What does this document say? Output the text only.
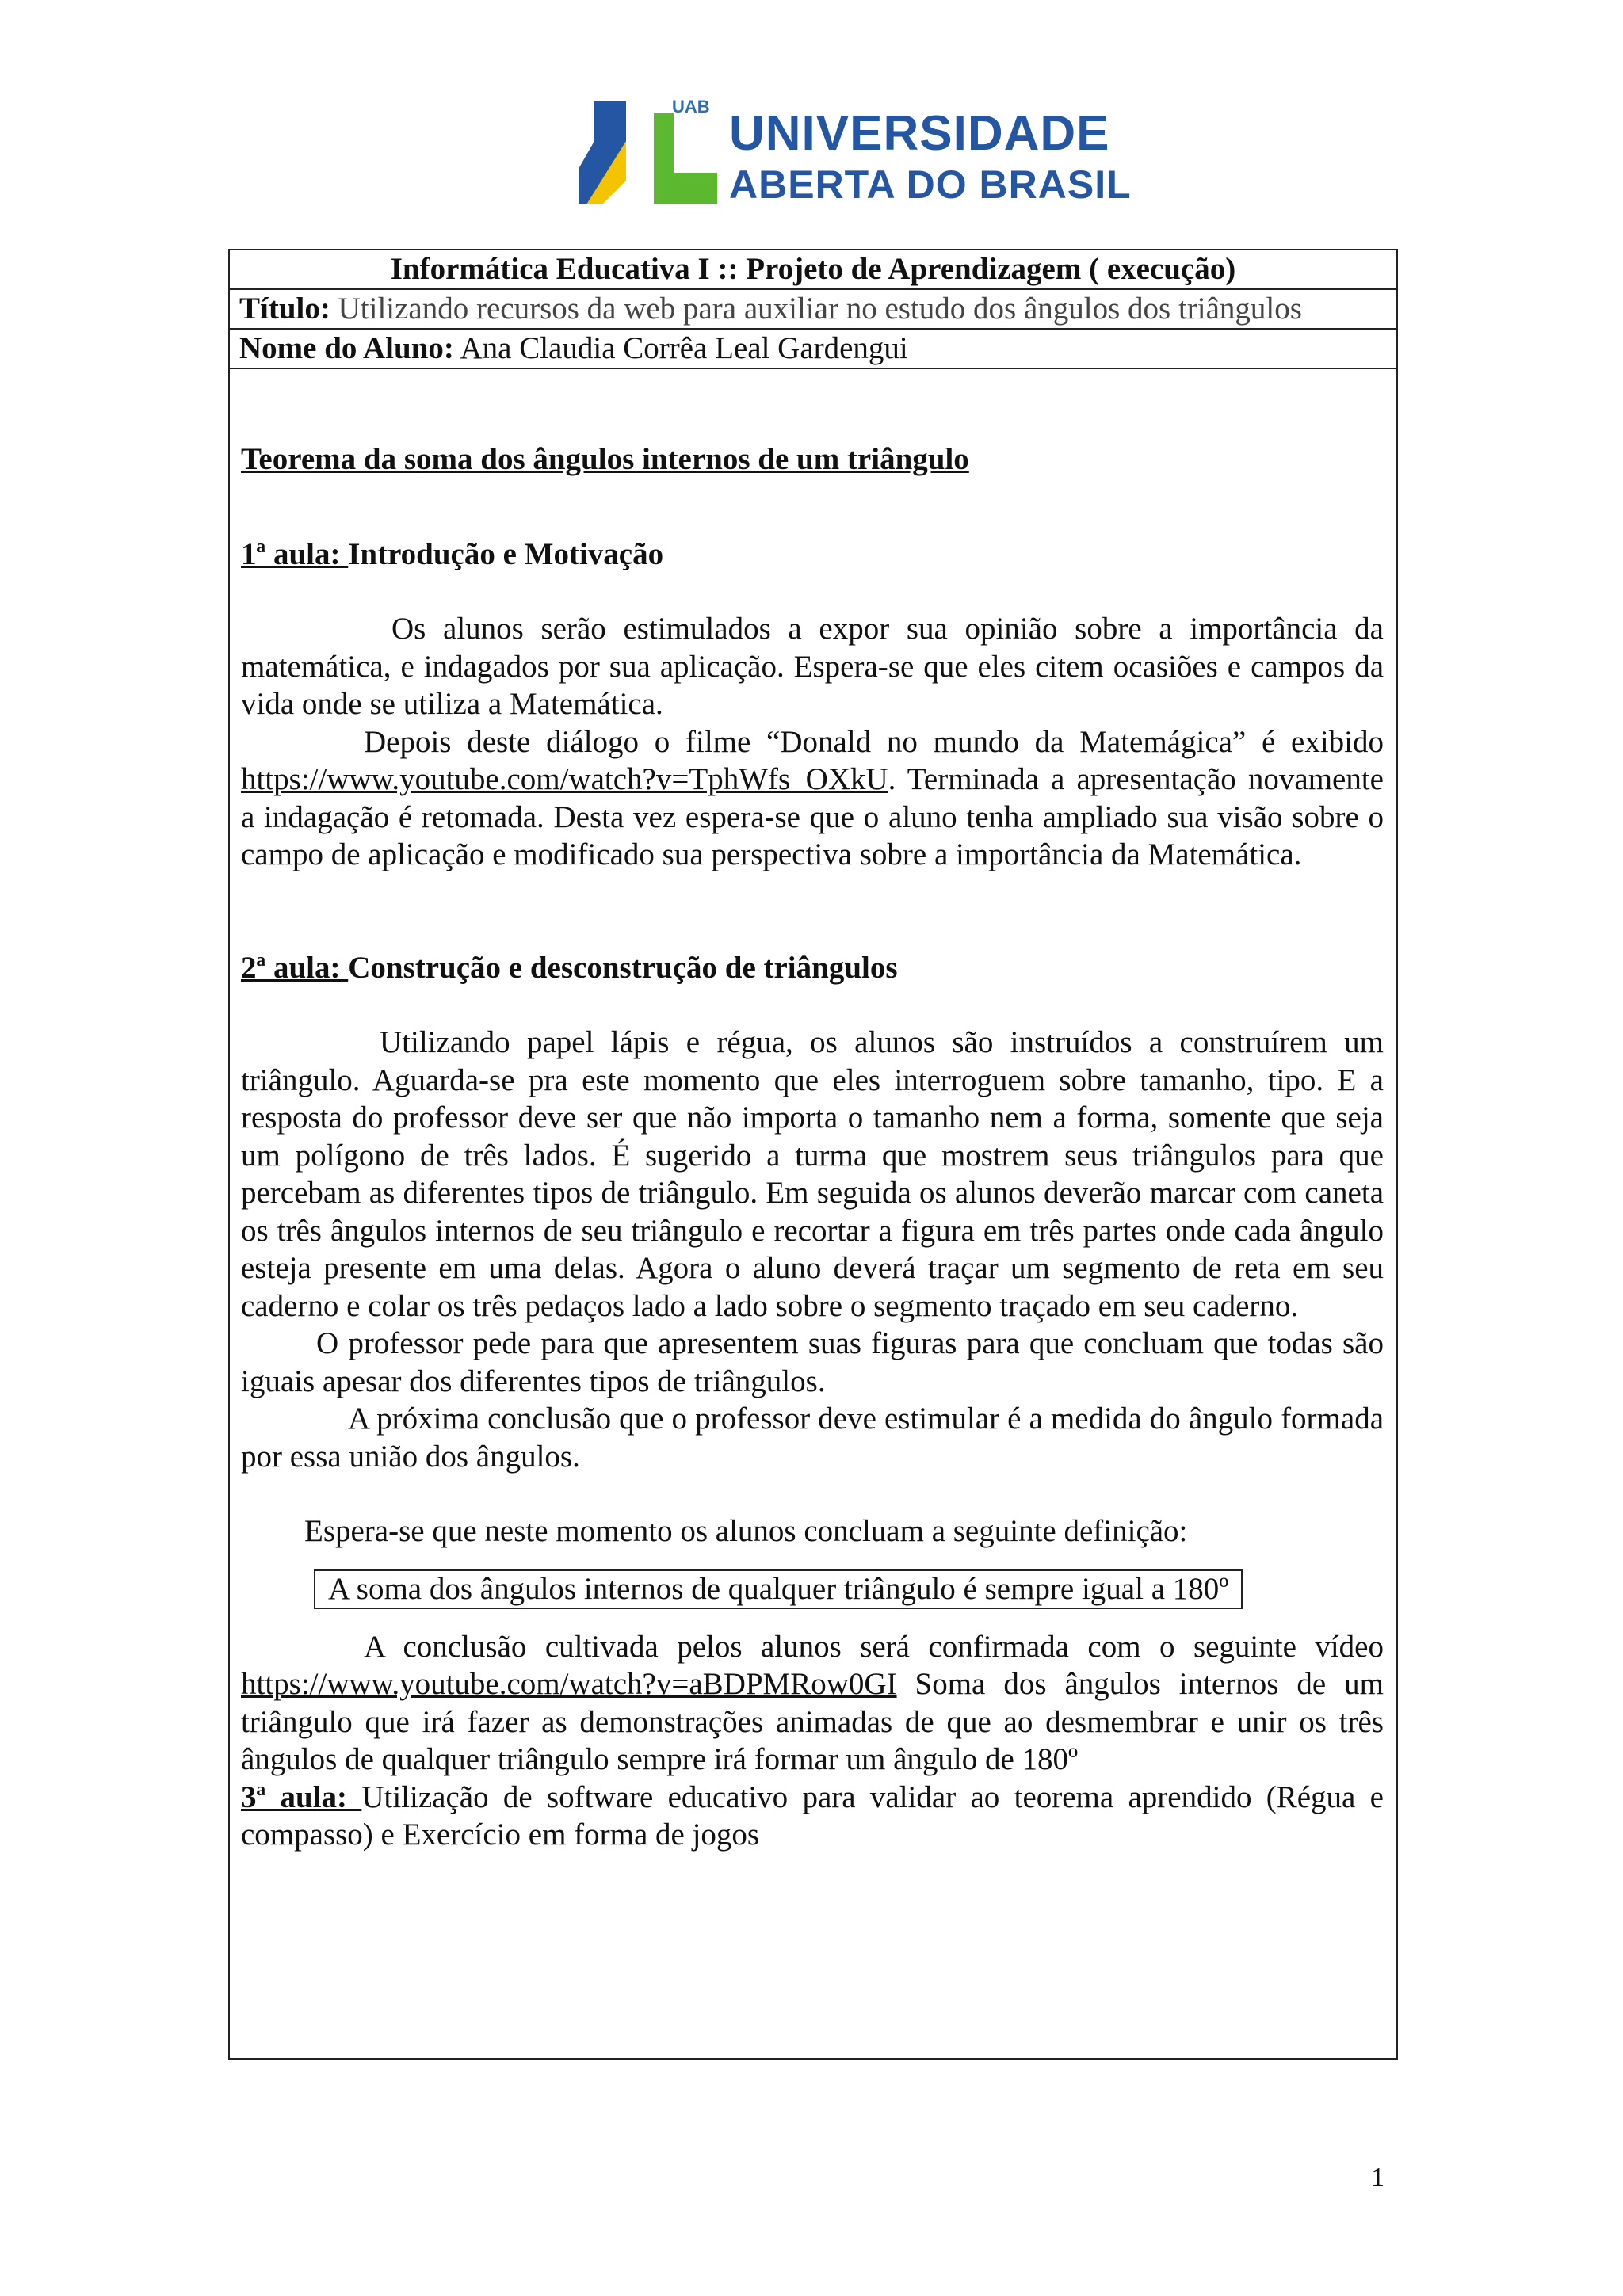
UAB UNIVERSIDADE
ABERTA DO BRASIL
Informática Educativa I :: Projeto de Aprendizagem ( execução)
Título: Utilizando recursos da web para auxiliar no estudo dos ângulos dos triângulos
Nome do Aluno: Ana Claudia Corrêa Leal Gardengui

Teorema da soma dos ângulos internos de um triângulo

1ª aula: Introdução e Motivação

Os alunos serão estimulados a expor sua opinião sobre a importância da matemática, e indagados por sua aplicação. Espera-se que eles citem ocasiões e campos da vida onde se utiliza a Matemática.

Depois deste diálogo o filme “Donald no mundo da Matemágica” é exibido https://www.youtube.com/watch?v=TphWfs_OXkU. Terminada a apresentação novamente a indagação é retomada. Desta vez espera-se que o aluno tenha ampliado sua visão sobre o campo de aplicação e modificado sua perspectiva sobre a importância da Matemática.

2ª aula: Construção e desconstrução de triângulos

Utilizando papel lápis e régua, os alunos são instruídos a construírem um triângulo. Aguarda-se pra este momento que eles interroguem sobre tamanho, tipo. E a resposta do professor deve ser que não importa o tamanho nem a forma, somente que seja um polígono de três lados. É sugerido a turma que mostrem seus triângulos para que percebam as diferentes tipos de triângulo. Em seguida os alunos deverão marcar com caneta os três ângulos internos de seu triângulo e recortar a figura em três partes onde cada ângulo esteja presente em uma delas. Agora o aluno deverá traçar um segmento de reta em seu caderno e colar os três pedaços lado a lado sobre o segmento traçado em seu caderno.

O professor pede para que apresentem suas figuras para que concluam que todas são iguais apesar dos diferentes tipos de triângulos.

A próxima conclusão que o professor deve estimular é a medida do ângulo formada por essa união dos ângulos.

Espera-se que neste momento os alunos concluam a seguinte definição:

A soma dos ângulos internos de qualquer triângulo é sempre igual a 180º

A conclusão cultivada pelos alunos será confirmada com o seguinte vídeo https://www.youtube.com/watch?v=aBDPMRow0GI Soma dos ângulos internos de um triângulo que irá fazer as demonstrações animadas de que ao desmembrar e unir os três ângulos de qualquer triângulo sempre irá formar um ângulo de 180º

3ª aula: Utilização de software educativo para validar ao teorema aprendido (Régua e compasso) e Exercício em forma de jogos

1
